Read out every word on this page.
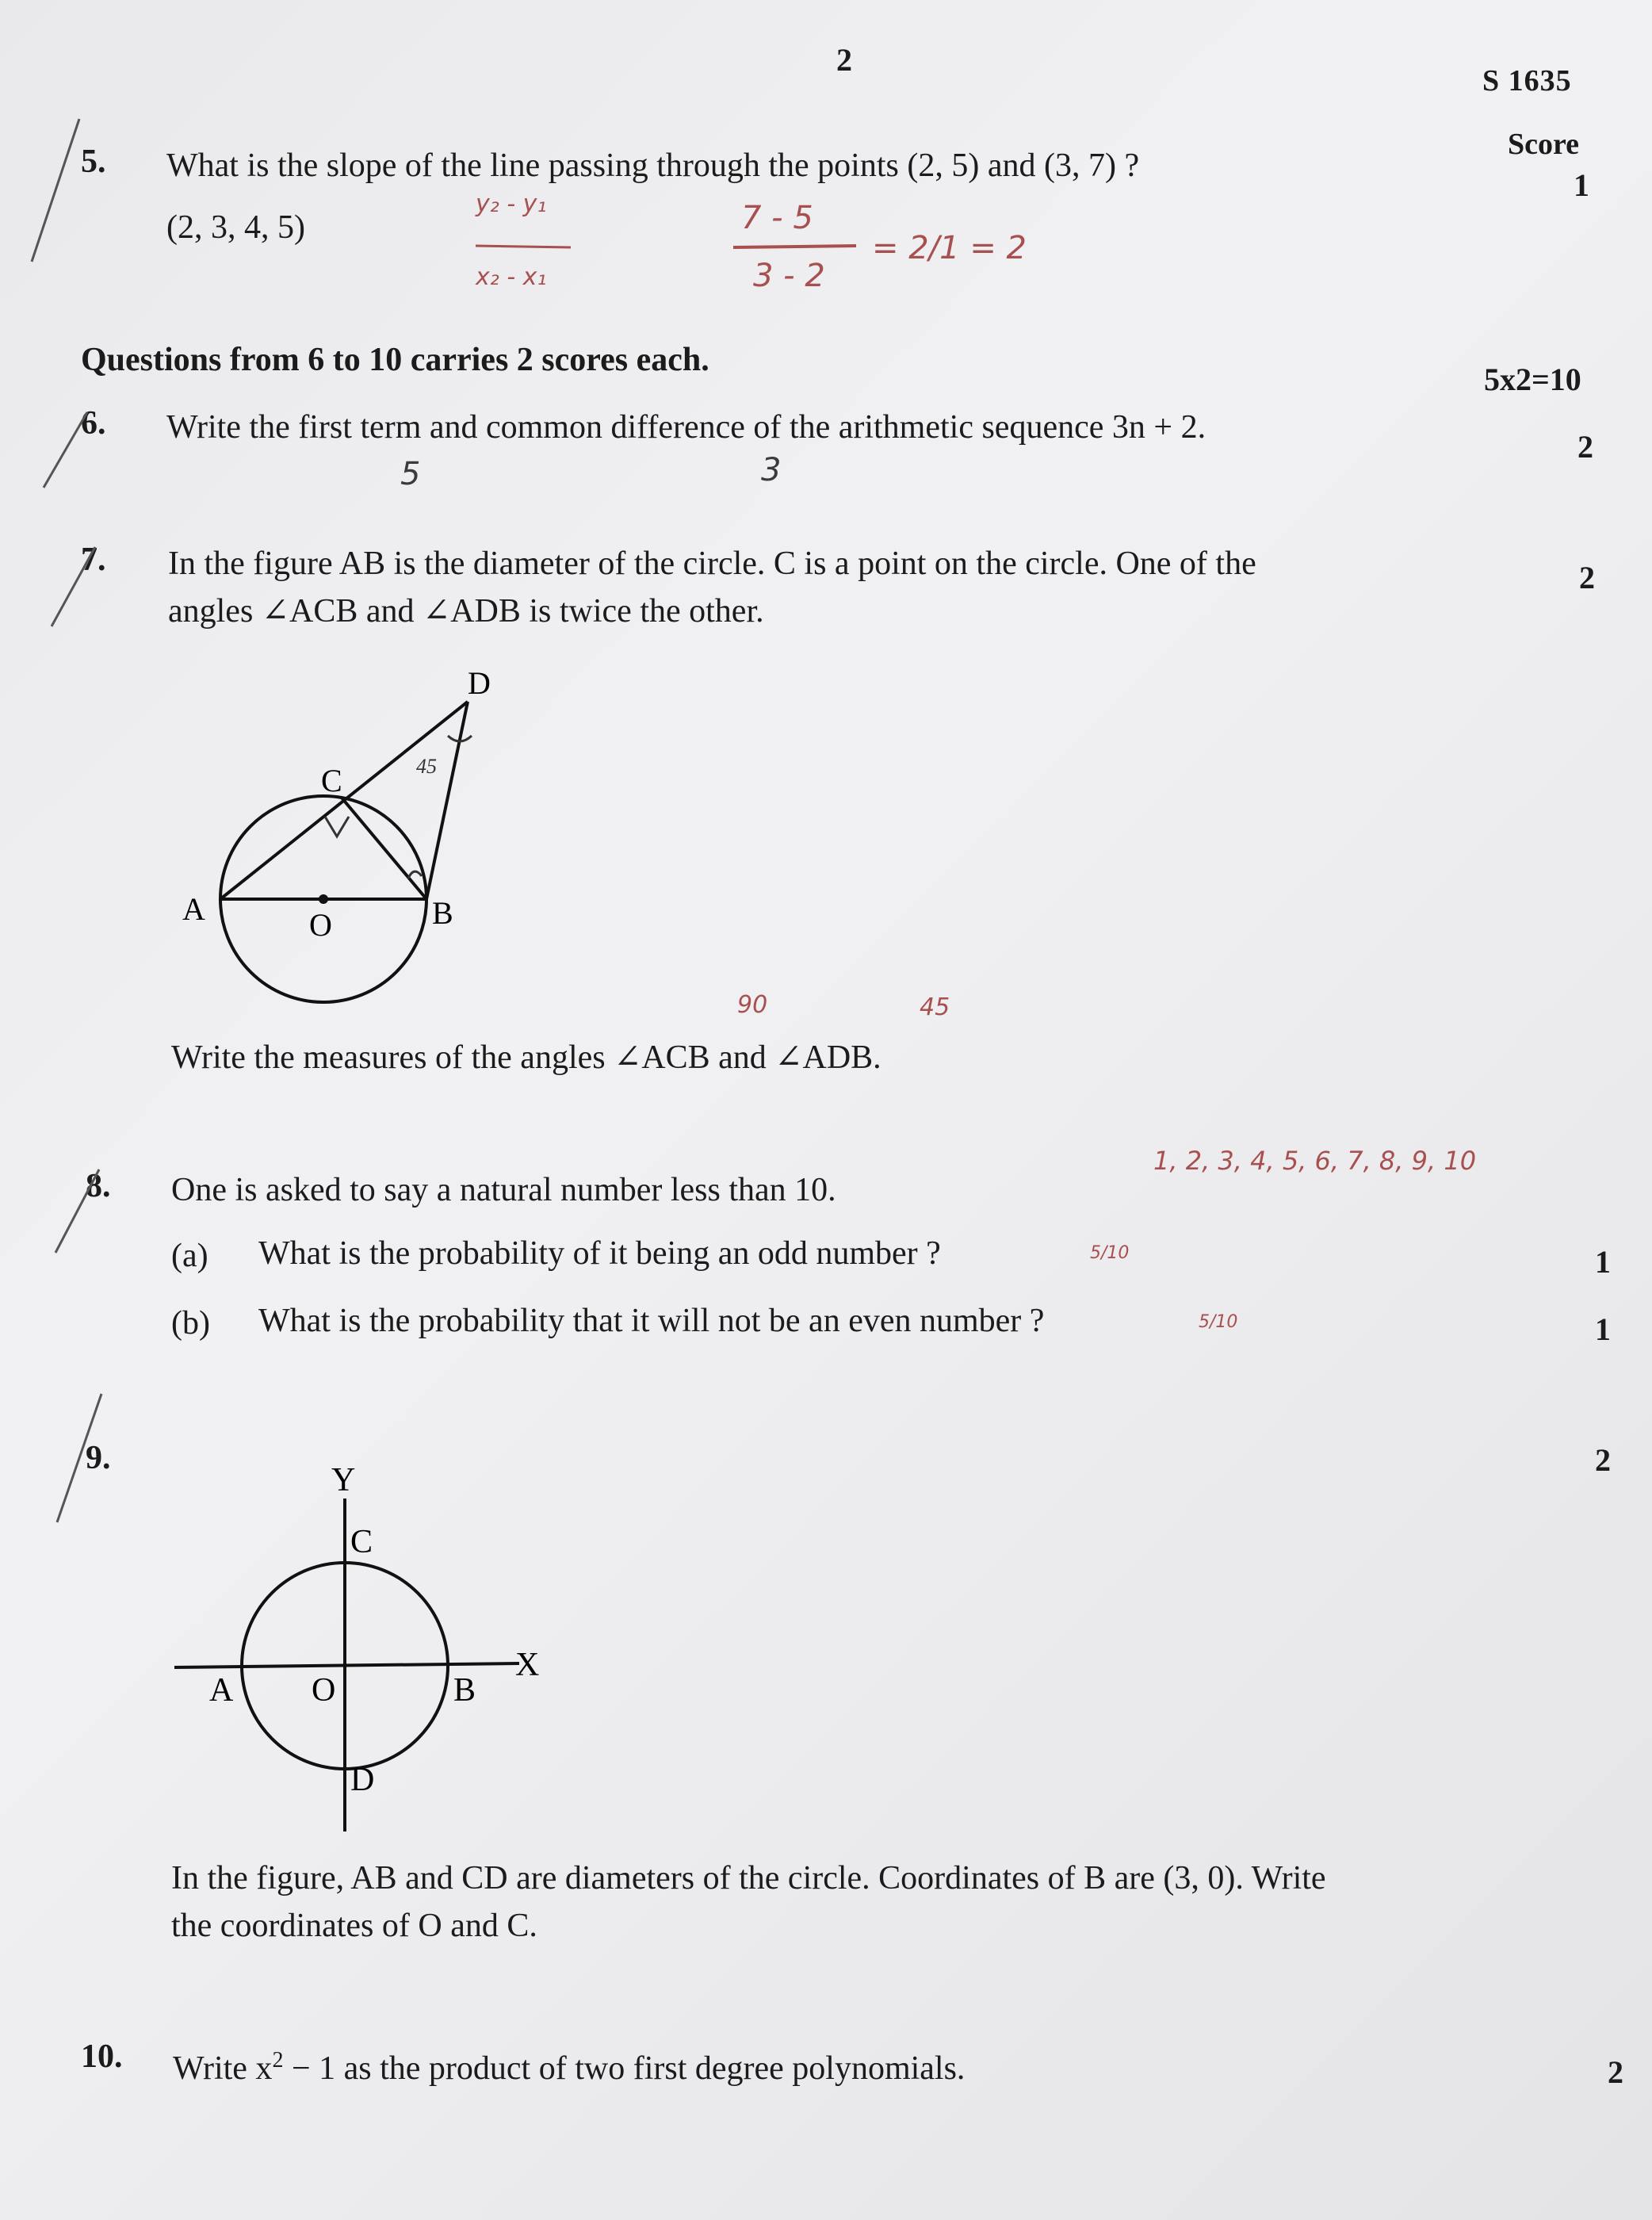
2
S 1635
Score
5. What is the slope of the line passing through the points (2, 5) and (3, 7) ?
1
(2, 3, 4, 5)
y₂ - y₁
x₂ - x₁
7 - 5
3 - 2
= 2/1 = 2
Questions from 6 to 10 carries 2 scores each.
5x2=10
6. Write the first term and common difference of the arithmetic sequence 3n + 2.
2
5	3
7. In the figure AB is the diameter of the circle. C is a point on the circle. One of the
angles ∠ACB and ∠ADB is twice the other.
2
A	B
C
D
O
45
90	45
Write the measures of the angles ∠ACB and ∠ADB.
8. One is asked to say a natural number less than 10.
1, 2, 3, 4, 5, 6, 7, 8, 9, 10
(a) What is the probability of it being an odd number ?	5/10	1
(b) What is the probability that it will not be an even number ?	5/10	1
9.	2
Y
X
C
D
A	B
O
In the figure, AB and CD are diameters of the circle. Coordinates of B are (3, 0). Write
the coordinates of O and C.
10. Write $x^2 - 1$ as the product of two first degree polynomials.	2
